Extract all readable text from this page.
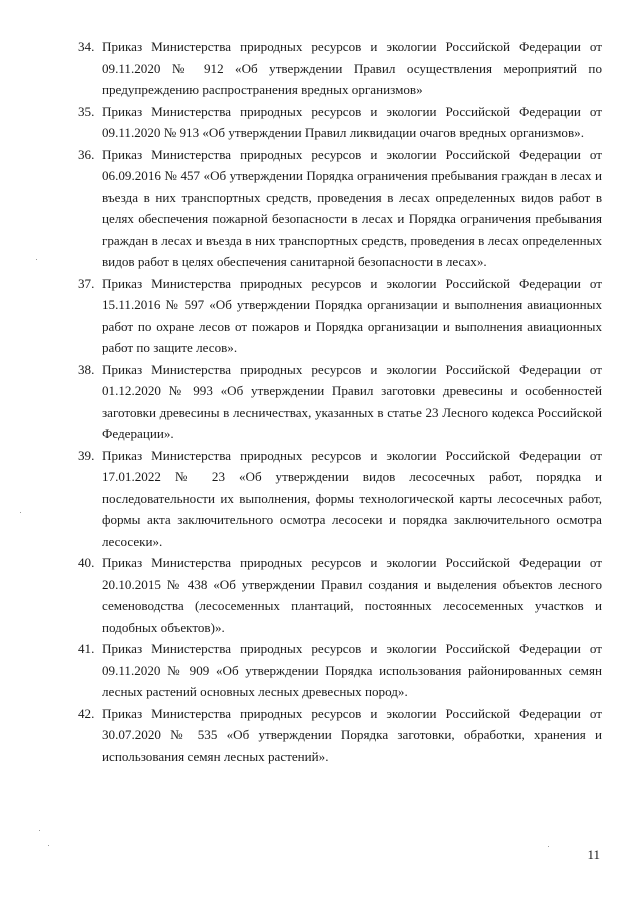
34. Приказ Министерства природных ресурсов и экологии Российской Федерации от 09.11.2020 № 912 «Об утверждении Правил осуществления мероприятий по предупреждению распространения вредных организмов»
35. Приказ Министерства природных ресурсов и экологии Российской Федерации от 09.11.2020 № 913 «Об утверждении Правил ликвидации очагов вредных организмов».
36. Приказ Министерства природных ресурсов и экологии Российской Федерации от 06.09.2016 № 457 «Об утверждении Порядка ограничения пребывания граждан в лесах и въезда в них транспортных средств, проведения в лесах определенных видов работ в целях обеспечения пожарной безопасности в лесах и Порядка ограничения пребывания граждан в лесах и въезда в них транспортных средств, проведения в лесах определенных видов работ в целях обеспечения санитарной безопасности в лесах».
37. Приказ Министерства природных ресурсов и экологии Российской Федерации от 15.11.2016 № 597 «Об утверждении Порядка организации и выполнения авиационных работ по охране лесов от пожаров и Порядка организации и выполнения авиационных работ по защите лесов».
38. Приказ Министерства природных ресурсов и экологии Российской Федерации от 01.12.2020 № 993 «Об утверждении Правил заготовки древесины и особенностей заготовки древесины в лесничествах, указанных в статье 23 Лесного кодекса Российской Федерации».
39. Приказ Министерства природных ресурсов и экологии Российской Федерации от 17.01.2022 № 23 «Об утверждении видов лесосечных работ, порядка и последовательности их выполнения, формы технологической карты лесосечных работ, формы акта заключительного осмотра лесосеки и порядка заключительного осмотра лесосеки».
40. Приказ Министерства природных ресурсов и экологии Российской Федерации от 20.10.2015 № 438 «Об утверждении Правил создания и выделения объектов лесного семеноводства (лесосеменных плантаций, постоянных лесосеменных участков и подобных объектов)».
41. Приказ Министерства природных ресурсов и экологии Российской Федерации от 09.11.2020 № 909 «Об утверждении Порядка использования районированных семян лесных растений основных лесных древесных пород».
42. Приказ Министерства природных ресурсов и экологии Российской Федерации от 30.07.2020 № 535 «Об утверждении Порядка заготовки, обработки, хранения и использования семян лесных растений».
11
